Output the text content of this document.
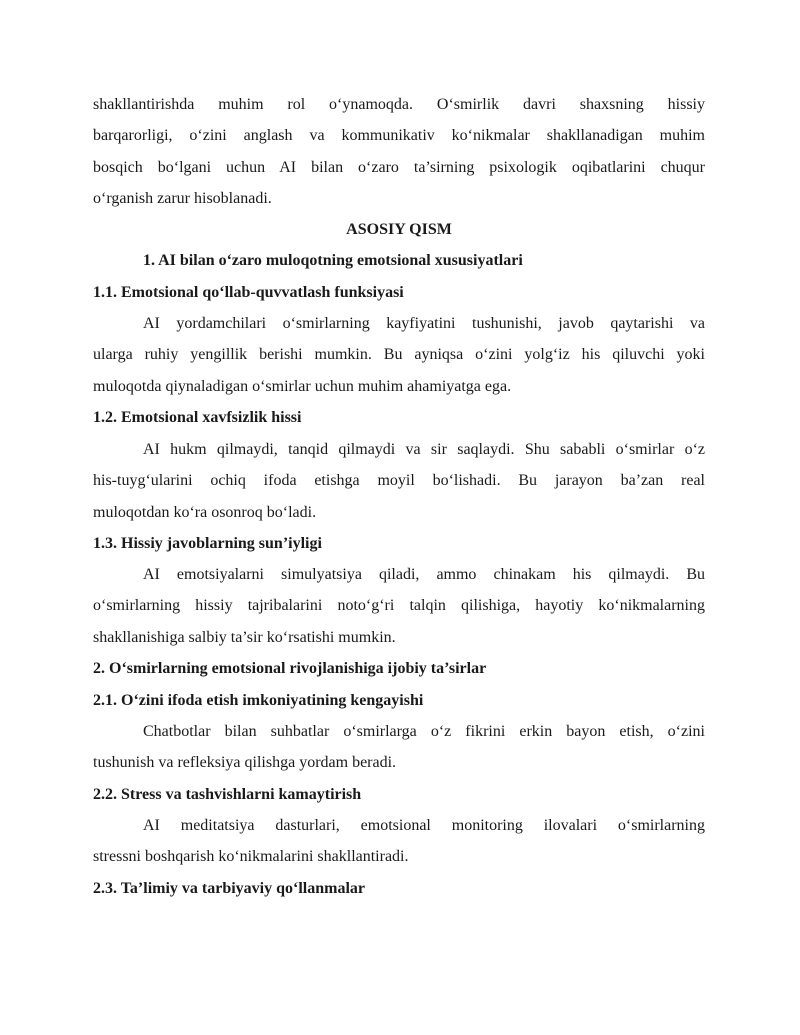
shakllantirishda muhim rol oʻynamoqda. Oʻsmirlik davri shaxsning hissiy
barqarorligi, oʻzini anglash va kommunikativ koʻnikmalar shakllanadigan muhim
bosqich boʻlgani uchun AI bilan oʻzaro ta’sirning psixologik oqibatlarini chuqur
oʻrganish zarur hisoblanadi.
ASOSIY QISM
1. AI bilan oʻzaro muloqotning emotsional xususiyatlari
1.1. Emotsional qoʻllab-quvvatlash funksiyasi
AI yordamchilari oʻsmirlarning kayfiyatini tushunishi, javob qaytarishi va
ularga ruhiy yengillik berishi mumkin. Bu ayniqsa oʻzini yolgʻiz his qiluvchi yoki
muloqotda qiynaladigan oʻsmirlar uchun muhim ahamiyatga ega.
1.2. Emotsional xavfsizlik hissi
AI hukm qilmaydi, tanqid qilmaydi va sir saqlaydi. Shu sababli oʻsmirlar oʻz
his-tuygʻularini ochiq ifoda etishga moyil boʻlishadi. Bu jarayon ba’zan real
muloqotdan koʻra osonroq boʻladi.
1.3. Hissiy javoblarning sun’iyligi
AI emotsiyalarni simulyatsiya qiladi, ammo chinakam his qilmaydi. Bu
oʻsmirlarning hissiy tajribalarini notoʻgʻri talqin qilishiga, hayotiy koʻnikmalarning
shakllanishiga salbiy ta’sir koʻrsatishi mumkin.
2. Oʻsmirlarning emotsional rivojlanishiga ijobiy ta’sirlar
2.1. Oʻzini ifoda etish imkoniyatining kengayishi
Chatbotlar bilan suhbatlar oʻsmirlarga oʻz fikrini erkin bayon etish, oʻzini
tushunish va refleksiya qilishga yordam beradi.
2.2. Stress va tashvishlarni kamaytirish
AI meditatsiya dasturlari, emotsional monitoring ilovalari oʻsmirlarning
stressni boshqarish koʻnikmalarini shakllantiradi.
2.3. Ta’limiy va tarbiyaviy qoʻllanmalar
